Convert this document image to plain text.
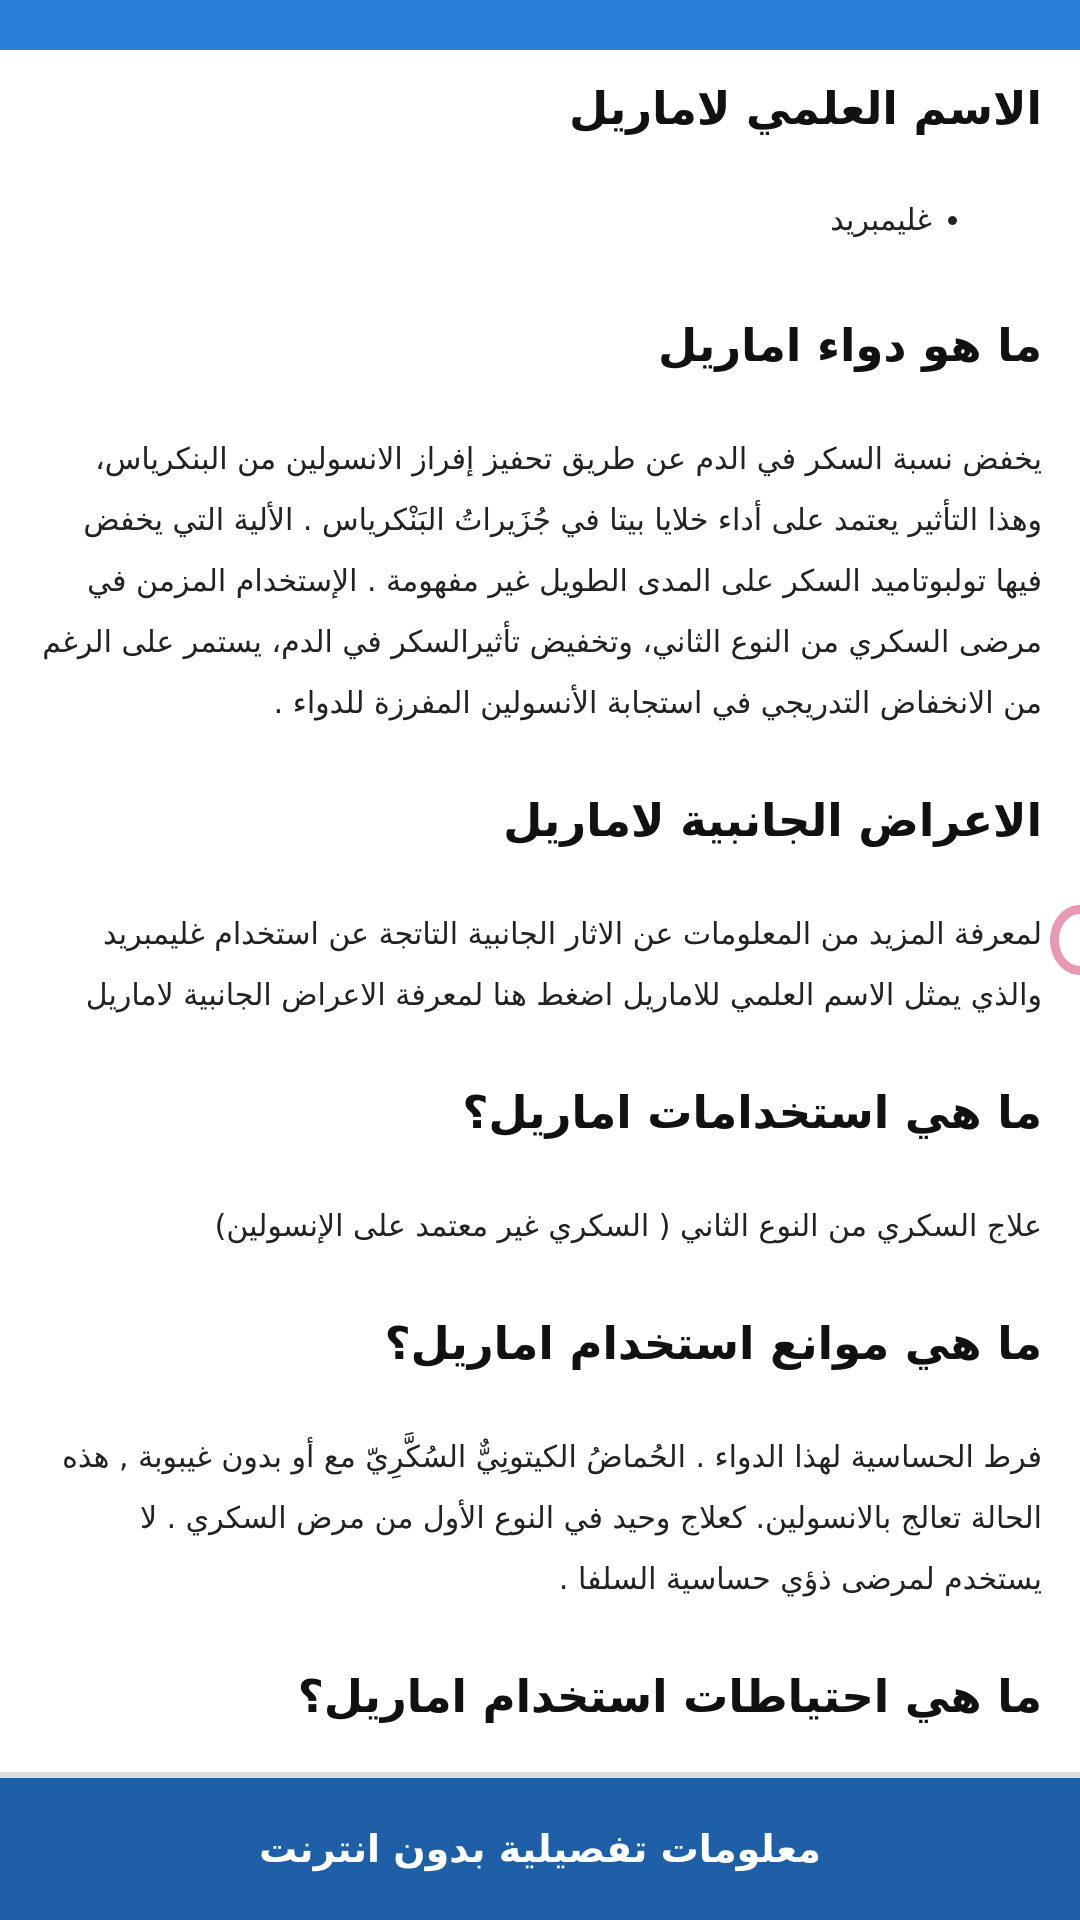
الاسم العلمي لاماريل
• غليمبريد
ما هو دواء اماريل

يخفض نسبة السكر في الدم عن طريق تحفيز إفراز الانسولين من البنكرياس، وهذا التأثير يعتمد على أداء خلايا بيتا في جُزَيراتُ البَنْكرياس . الألية التي يخفض فيها تولبوتاميد السكر على المدى الطويل غير مفهومة . الإستخدام المزمن في مرضى السكري من النوع الثاني، وتخفيض تأثيرالسكر في الدم، يستمر على الرغم من الانخفاض التدريجي في استجابة الأنسولين المفرزة للدواء .

الاعراض الجانبية لاماريل

لمعرفة المزيد من المعلومات عن الاثار الجانبية التاتجة عن استخدام غليمبريد والذي يمثل الاسم العلمي للاماريل اضغط هنا لمعرفة الاعراض الجانبية لاماريل

ما هي استخدامات اماريل؟

علاج السكري من النوع الثاني ( السكري غير معتمد على الإنسولين)

ما هي موانع استخدام اماريل؟

فرط الحساسية لهذا الدواء . الحُماضُ الكيتونِيٌّ السُكَّرِيّ مع أو بدون غيبوبة , هذه الحالة تعالج بالانسولين. كعلاج وحيد في النوع الأول من مرض السكري . لا يستخدم لمرضى ذؤي حساسية السلفا .

ما هي احتياطات استخدام اماريل؟
معلومات تفصيلية بدون انترنت
